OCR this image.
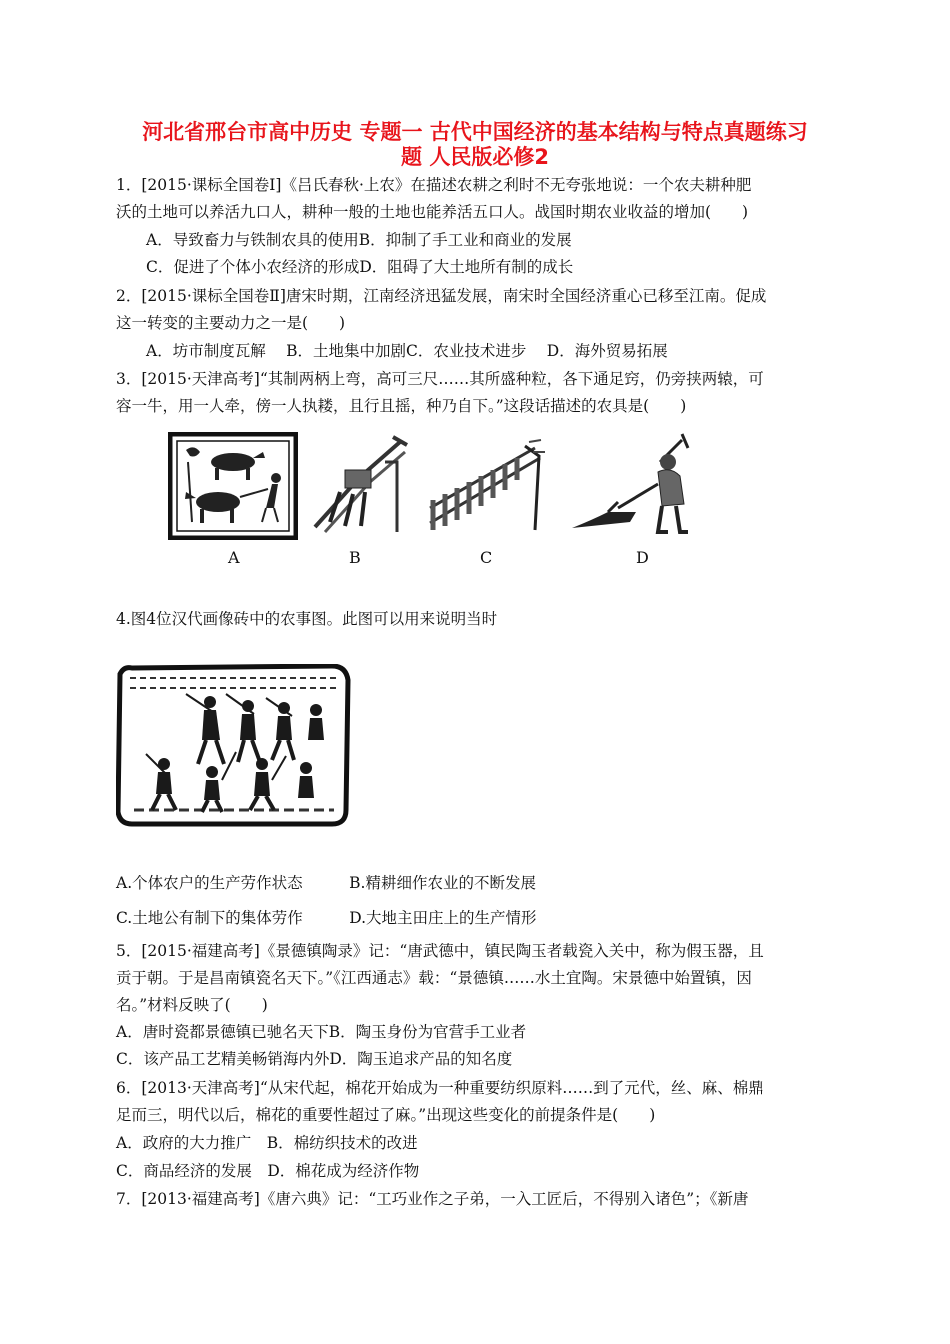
河北省邢台市高中历史 专题一 古代中国经济的基本结构与特点真题练习
题 人民版必修2
1．[2015·课标全国卷Ⅰ]《吕氏春秋·上农》在描述农耕之利时不无夸张地说：一个农夫耕种肥
沃的土地可以养活九口人，耕种一般的土地也能养活五口人。战国时期农业收益的增加(　　)
A．导致畜力与铁制农具的使用B．抑制了手工业和商业的发展
C．促进了个体小农经济的形成D．阻碍了大土地所有制的成长
2．[2015·课标全国卷Ⅱ]唐宋时期，江南经济迅猛发展，南宋时全国经济重心已移至江南。促成
这一转变的主要动力之一是(　　)
A．坊市制度瓦解　 B．土地集中加剧C．农业技术进步　 D．海外贸易拓展
3．[2015·天津高考]“其制两柄上弯，高可三尺……其所盛种粒，各下通足窍，仍旁挟两辕，可
容一牛，用一人牵，傍一人执耧，且行且摇，种乃自下。”这段话描述的农具是(　　)
A	B	C	D
4.图4位汉代画像砖中的农事图。此图可以用来说明当时
A.个体农户的生产劳作状态　　　B.精耕细作农业的不断发展
C.土地公有制下的集体劳作　　　D.大地主田庄上的生产情形
5．[2015·福建高考]《景德镇陶录》记：“唐武德中，镇民陶玉者载瓷入关中，称为假玉器，且
贡于朝。于是昌南镇瓷名天下。”《江西通志》载：“景德镇……水土宜陶。宋景德中始置镇，因
名。”材料反映了(　　)
A．唐时瓷都景德镇已驰名天下B．陶玉身份为官营手工业者
C．该产品工艺精美畅销海内外D．陶玉追求产品的知名度
6．[2013·天津高考]“从宋代起，棉花开始成为一种重要纺织原料……到了元代，丝、麻、棉鼎
足而三，明代以后，棉花的重要性超过了麻。”出现这些变化的前提条件是(　　)
A．政府的大力推广　B．棉纺织技术的改进
C．商品经济的发展　D．棉花成为经济作物
7．[2013·福建高考]《唐六典》记：“工巧业作之子弟，一入工匠后，不得别入诸色”；《新唐
